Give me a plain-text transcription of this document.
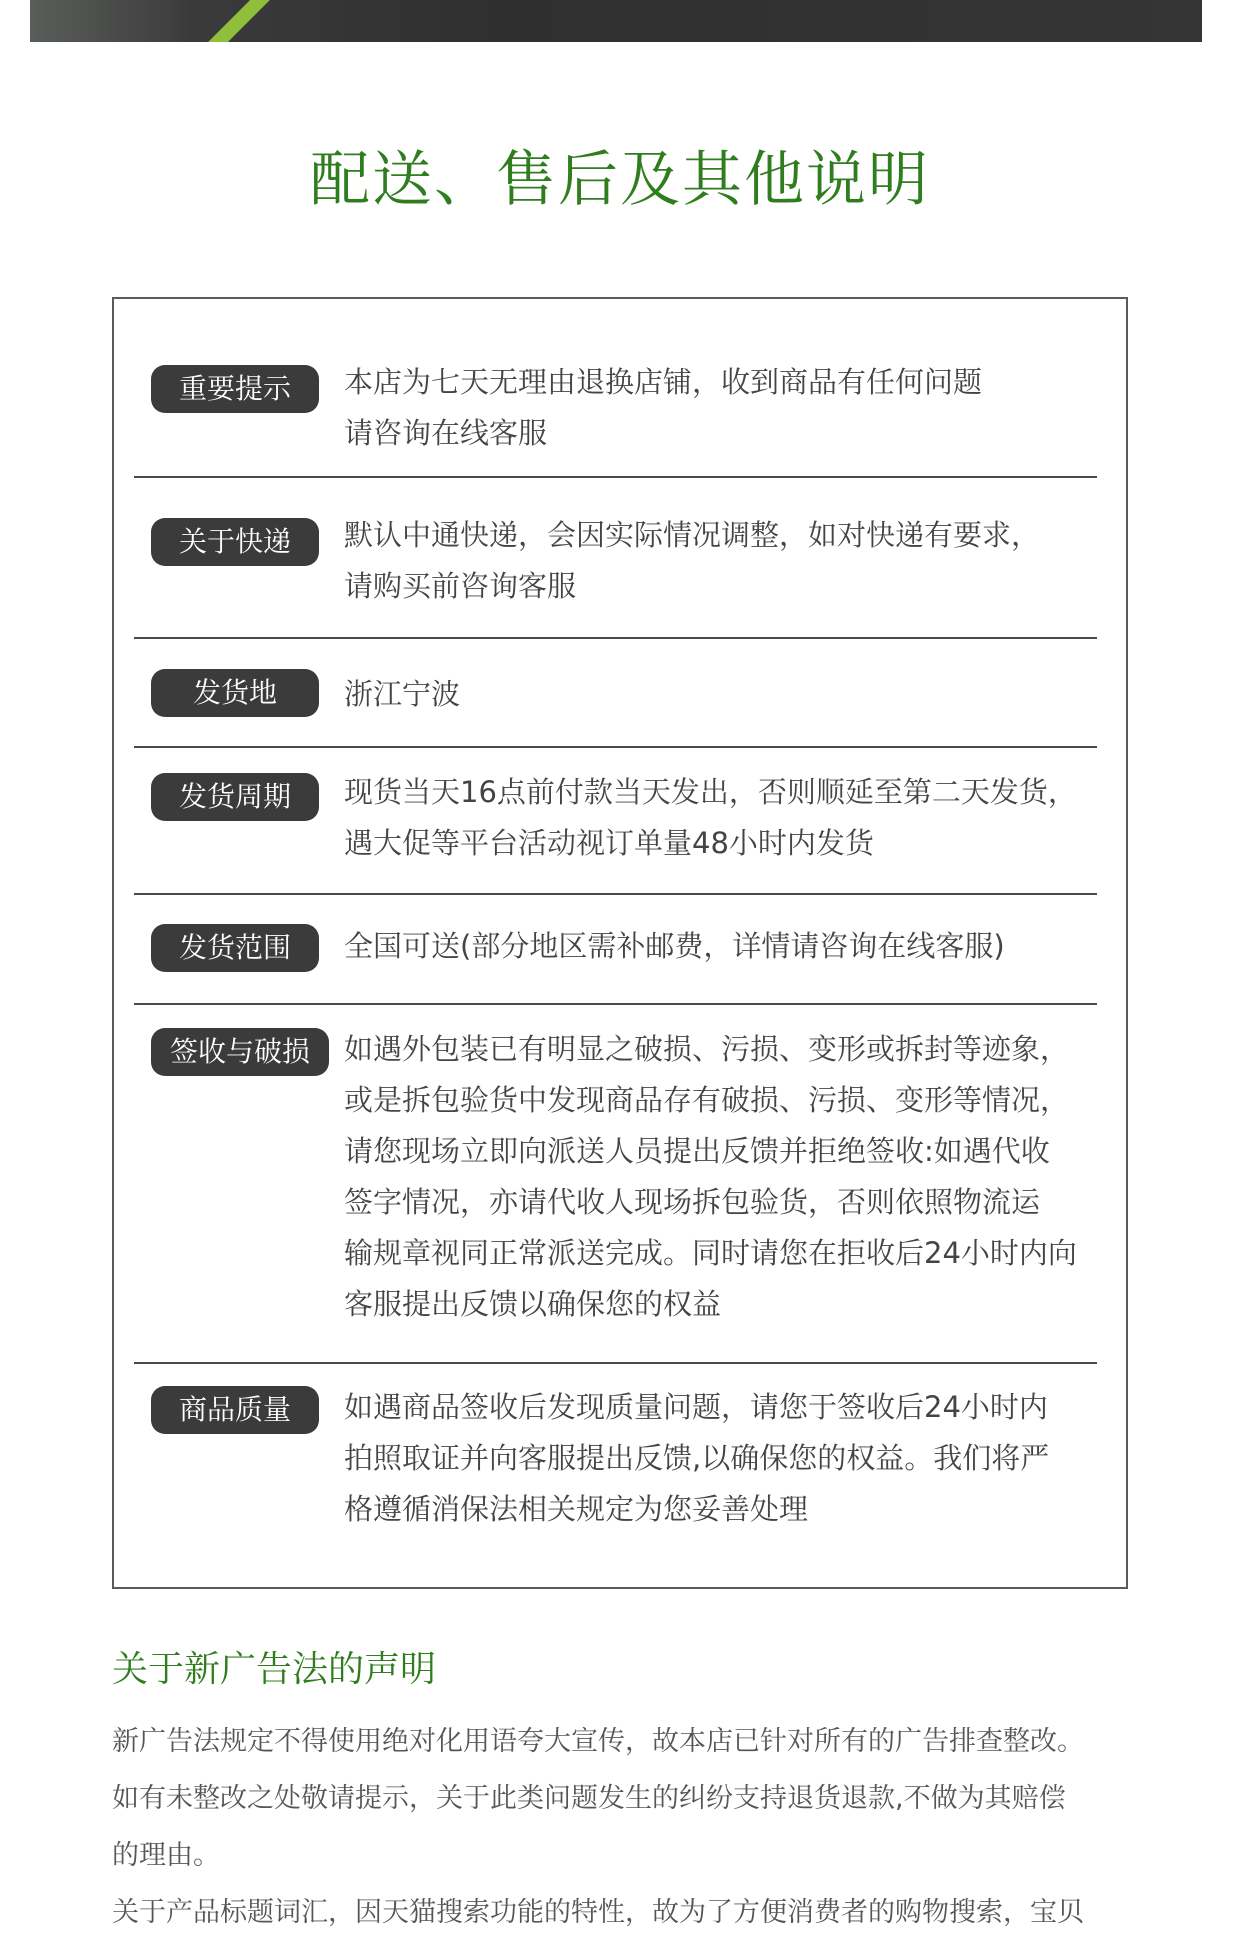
配送、售后及其他说明
重要提示	本店为七天无理由退换店铺，收到商品有任何问题
请咨询在线客服
关于快递	默认中通快递，会因实际情况调整，如对快递有要求，
请购买前咨询客服
发货地	浙江宁波
发货周期	现货当天16点前付款当天发出，否则顺延至第二天发货，
遇大促等平台活动视订单量48小时内发货
发货范围	全国可送(部分地区需补邮费，详情请咨询在线客服)
签收与破损	如遇外包装已有明显之破损、污损、变形或拆封等迹象，
或是拆包验货中发现商品存有破损、污损、变形等情况，
请您现场立即向派送人员提出反馈并拒绝签收:如遇代收
签字情况，亦请代收人现场拆包验货，否则依照物流运
输规章视同正常派送完成。同时请您在拒收后24小时内向
客服提出反馈以确保您的权益
商品质量	如遇商品签收后发现质量问题，请您于签收后24小时内
拍照取证并向客服提出反馈,以确保您的权益。我们将严
格遵循消保法相关规定为您妥善处理
关于新广告法的声明
新广告法规定不得使用绝对化用语夸大宣传，故本店已针对所有的广告排查整改。
如有未整改之处敬请提示，关于此类问题发生的纠纷支持退货退款,不做为其赔偿
的理由。
关于产品标题词汇，因天猫搜索功能的特性，故为了方便消费者的购物搜索，宝贝
